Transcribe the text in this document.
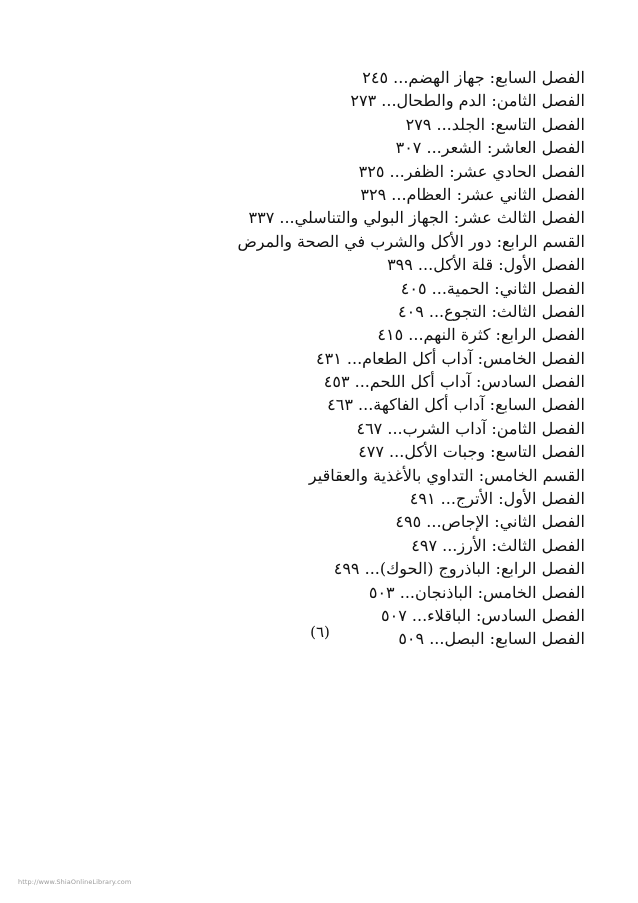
الفصل السابع: جهاز الهضم... ٢٤٥
الفصل الثامن: الدم والطحال... ٢٧٣
الفصل التاسع: الجلد... ٢٧٩
الفصل العاشر: الشعر... ٣٠٧
الفصل الحادي عشر: الظفر... ٣٢٥
الفصل الثاني عشر: العظام... ٣٢٩
الفصل الثالث عشر: الجهاز البولي والتناسلي... ٣٣٧
القسم الرابع: دور الأكل والشرب في الصحة والمرض
الفصل الأول: قلة الأكل... ٣٩٩
الفصل الثاني: الحمية... ٤٠٥
الفصل الثالث: التجوع... ٤٠٩
الفصل الرابع: كثرة النهم... ٤١٥
الفصل الخامس: آداب أكل الطعام... ٤٣١
الفصل السادس: آداب أكل اللحم... ٤٥٣
الفصل السابع: آداب أكل الفاكهة... ٤٦٣
الفصل الثامن: آداب الشرب... ٤٦٧
الفصل التاسع: وجبات الأكل... ٤٧٧
القسم الخامس: التداوي بالأغذية والعقاقير
الفصل الأول: الأترج... ٤٩١
الفصل الثاني: الإجاص... ٤٩٥
الفصل الثالث: الأرز... ٤٩٧
الفصل الرابع: الباذروج (الحوك)... ٤٩٩
الفصل الخامس: الباذنجان... ٥٠٣
الفصل السادس: الباقلاء... ٥٠٧
الفصل السابع: البصل... ٥٠٩
(٦)
http://www.ShiaOnlineLibrary.com
